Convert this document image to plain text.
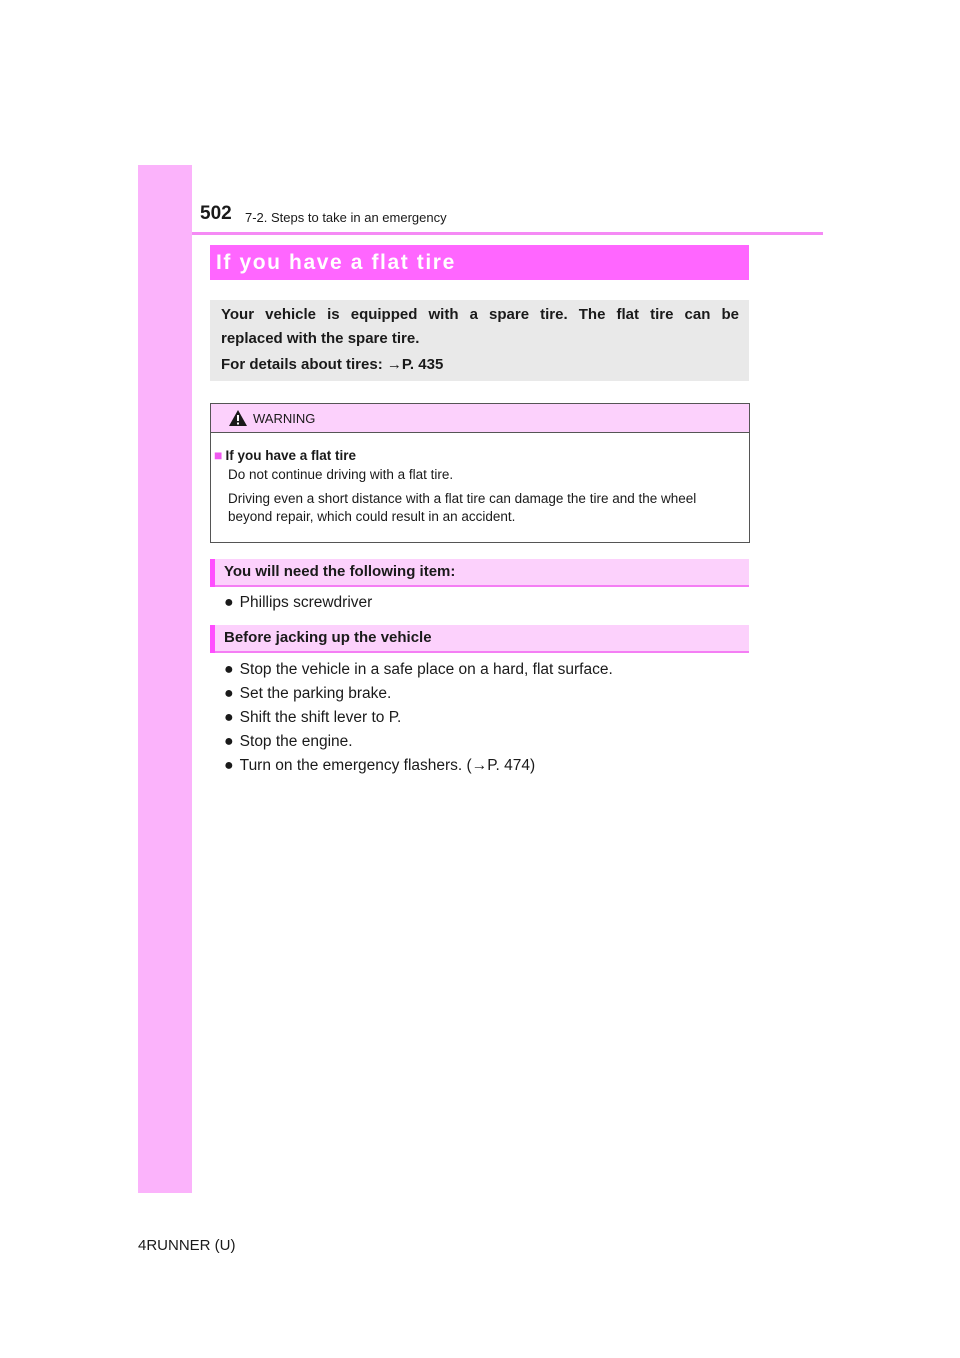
502 7-2. Steps to take in an emergency
If you have a flat tire

Your vehicle is equipped with a spare tire. The flat tire can be

replaced with the spare tire.

For details about tires: →P. 435

WARNING
■ If you have a flat tire
Do not continue driving with a flat tire.
Driving even a short distance with a flat tire can damage the tire and the wheel beyond repair, which could result in an accident.
You will need the following item:
● Phillips screwdriver
Before jacking up the vehicle
● Stop the vehicle in a safe place on a hard, flat surface.
● Set the parking brake.
● Shift the shift lever to P.
● Stop the engine.
● Turn on the emergency flashers. (→P. 474)
4RUNNER (U)
